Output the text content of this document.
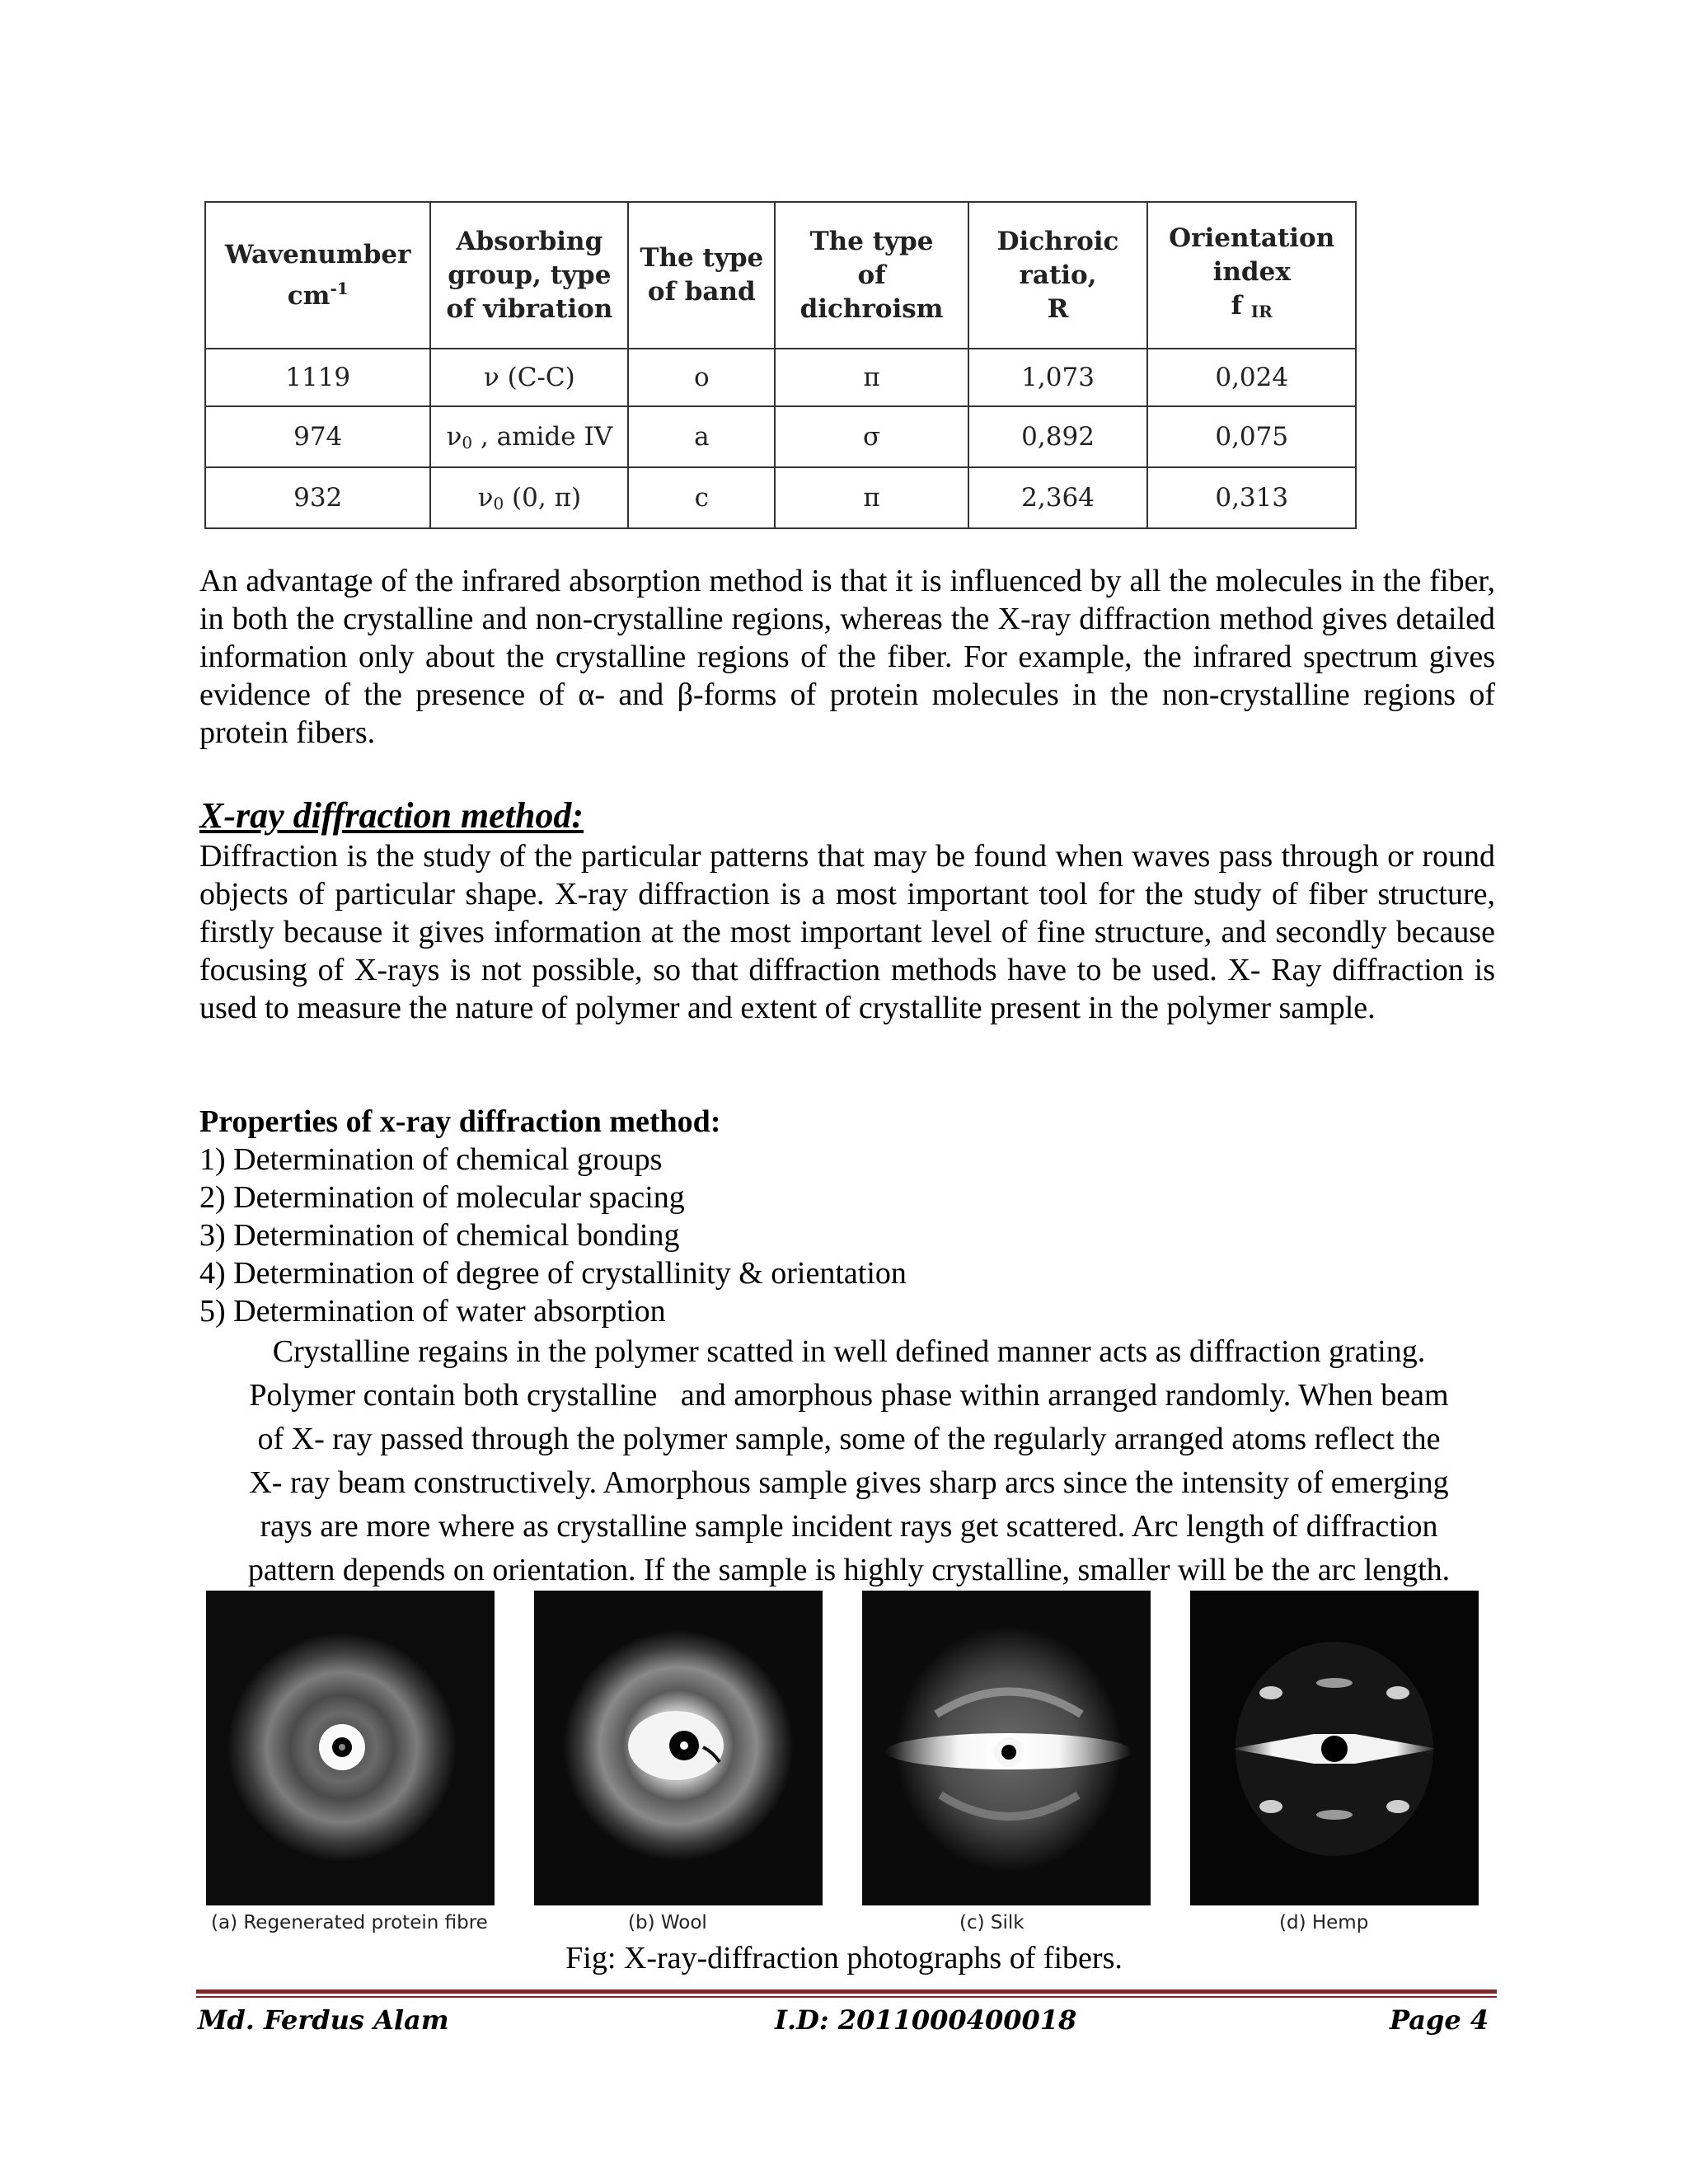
Wavenumber
$cm^{-1}$	Absorbing
group, type
of vibration	The type
of band	The type
of
dichroism	Dichroic
ratio,
R	Orientation
index
f $_{IR}$
1119	ν (C-C)	o	π	1,073	0,024
974	$\nu_0$ , amide IV	a	σ	0,892	0,075
932	$\nu_0$ (0, π)	c	π	2,364	0,313

An advantage of the infrared absorption method is that it is influenced by all the molecules in the fiber, in both the crystalline and non-crystalline regions, whereas the X-ray diffraction method gives detailed information only about the crystalline regions of the fiber. For example, the infrared spectrum gives evidence of the presence of α- and β-forms of protein molecules in the non-crystalline regions of protein fibers.

X-ray diffraction method:

Diffraction is the study of the particular patterns that may be found when waves pass through or round objects of particular shape. X-ray diffraction is a most important tool for the study of fiber structure, firstly because it gives information at the most important level of fine structure, and secondly because focusing of X-rays is not possible, so that diffraction methods have to be used. X- Ray diffraction is used to measure the nature of polymer and extent of crystallite present in the polymer sample.

Properties of x-ray diffraction method:

1) Determination of chemical groups
2) Determination of molecular spacing
3) Determination of chemical bonding
4) Determination of degree of crystallinity & orientation
5) Determination of water absorption
Crystalline regains in the polymer scatted in well defined manner acts as diffraction grating.
Polymer contain both crystalline   and amorphous phase within arranged randomly. When beam
of X- ray passed through the polymer sample, some of the regularly arranged atoms reflect the
X- ray beam constructively. Amorphous sample gives sharp arcs since the intensity of emerging
rays are more where as crystalline sample incident rays get scattered. Arc length of diffraction
pattern depends on orientation. If the sample is highly crystalline, smaller will be the arc length.
(a) Regenerated protein fibre	(b) Wool	(c) Silk	(d) Hemp

Fig: X-ray-diffraction photographs of fibers.

Md. Ferdus Alam	I.D: 2011000400018	Page 4
